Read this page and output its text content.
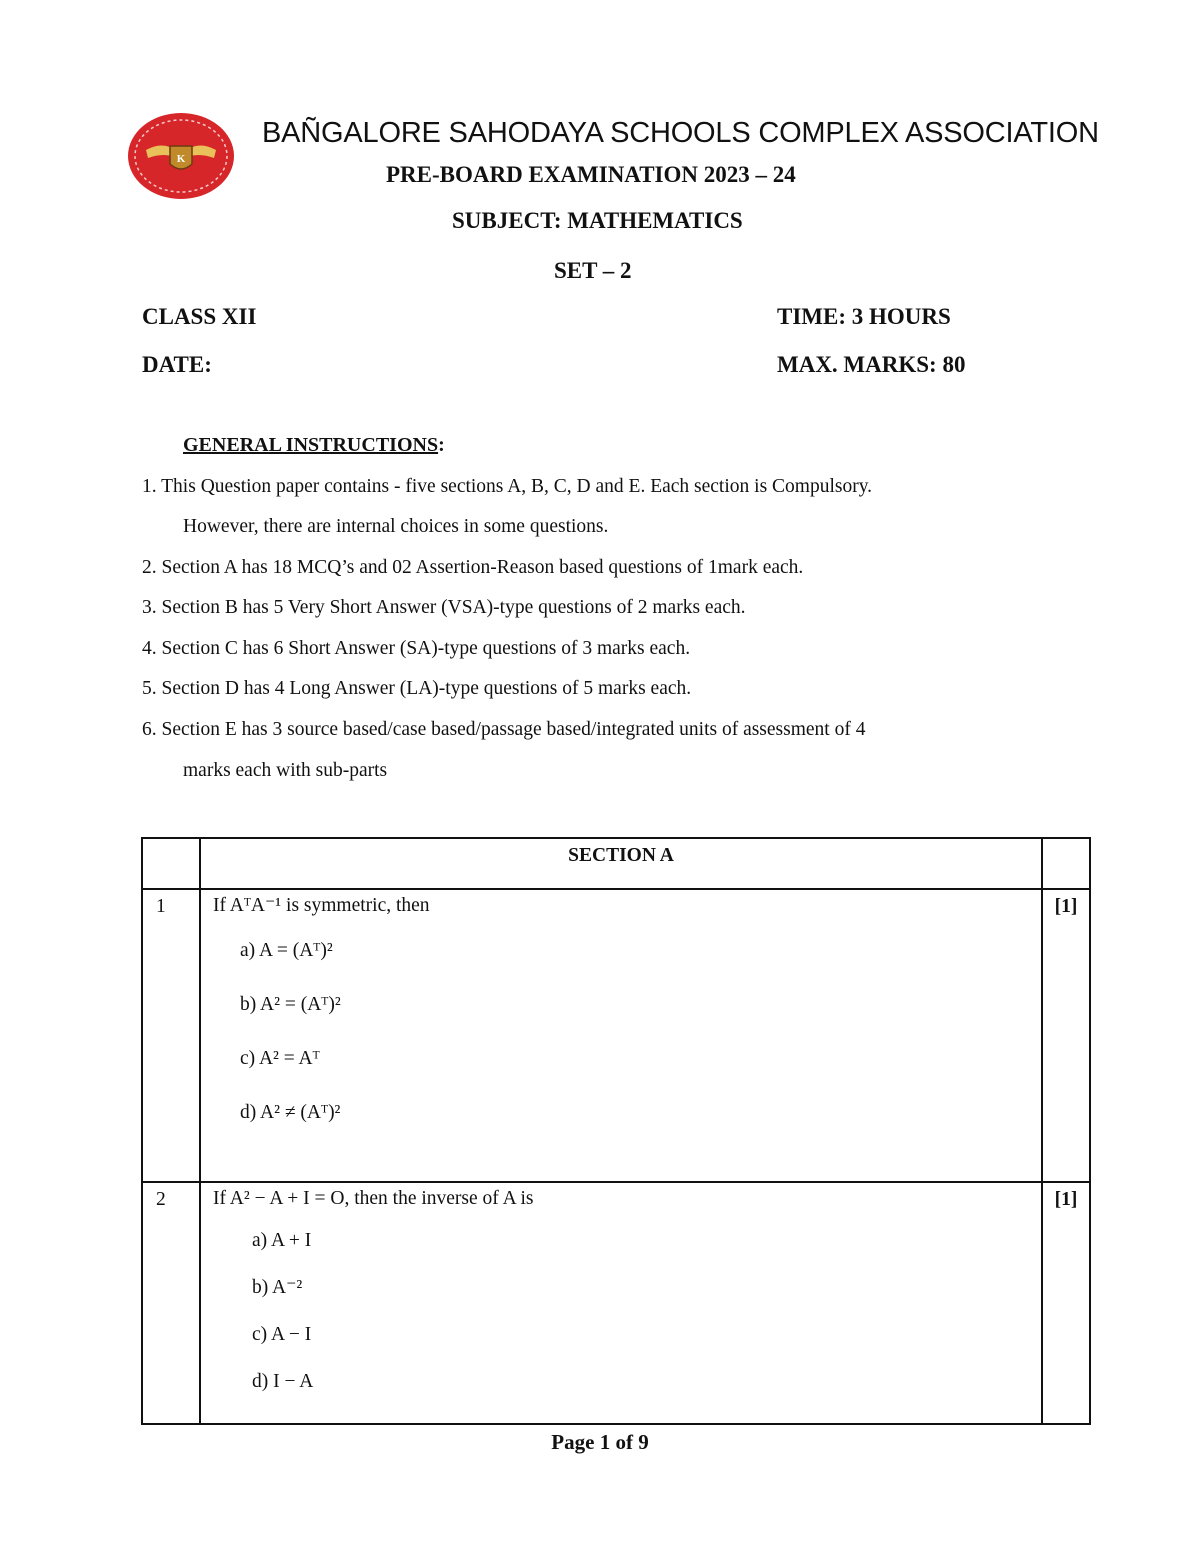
K
BAÑGALORE SAHODAYA SCHOOLS COMPLEX ASSOCIATION
PRE-BOARD EXAMINATION 2023 – 24
SUBJECT: MATHEMATICS
SET – 2
CLASS XII	TIME: 3 HOURS
DATE:	MAX. MARKS: 80
GENERAL INSTRUCTIONS:
1. This Question paper contains - five sections A, B, C, D and E. Each section is Compulsory.
However, there are internal choices in some questions.
2. Section A has 18 MCQ’s and 02 Assertion-Reason based questions of 1mark each.
3. Section B has 5 Very Short Answer (VSA)-type questions of 2 marks each.
4. Section C has 6 Short Answer (SA)-type questions of 3 marks each.
5. Section D has 4 Long Answer (LA)-type questions of 5 marks each.
6. Section E has 3 source based/case based/passage based/integrated units of assessment of 4
marks each with sub-parts
	SECTION A	
1	If AᵀA⁻¹ is symmetric, then
a) A = (Aᵀ)²
b) A² = (Aᵀ)²
c) A² = Aᵀ
d) A² ≠ (Aᵀ)²	[1]
2	If A² − A + I = O, then the inverse of A is
a) A + I
b) A⁻²
c) A − I
d) I − A	[1]
Page 1 of 9
